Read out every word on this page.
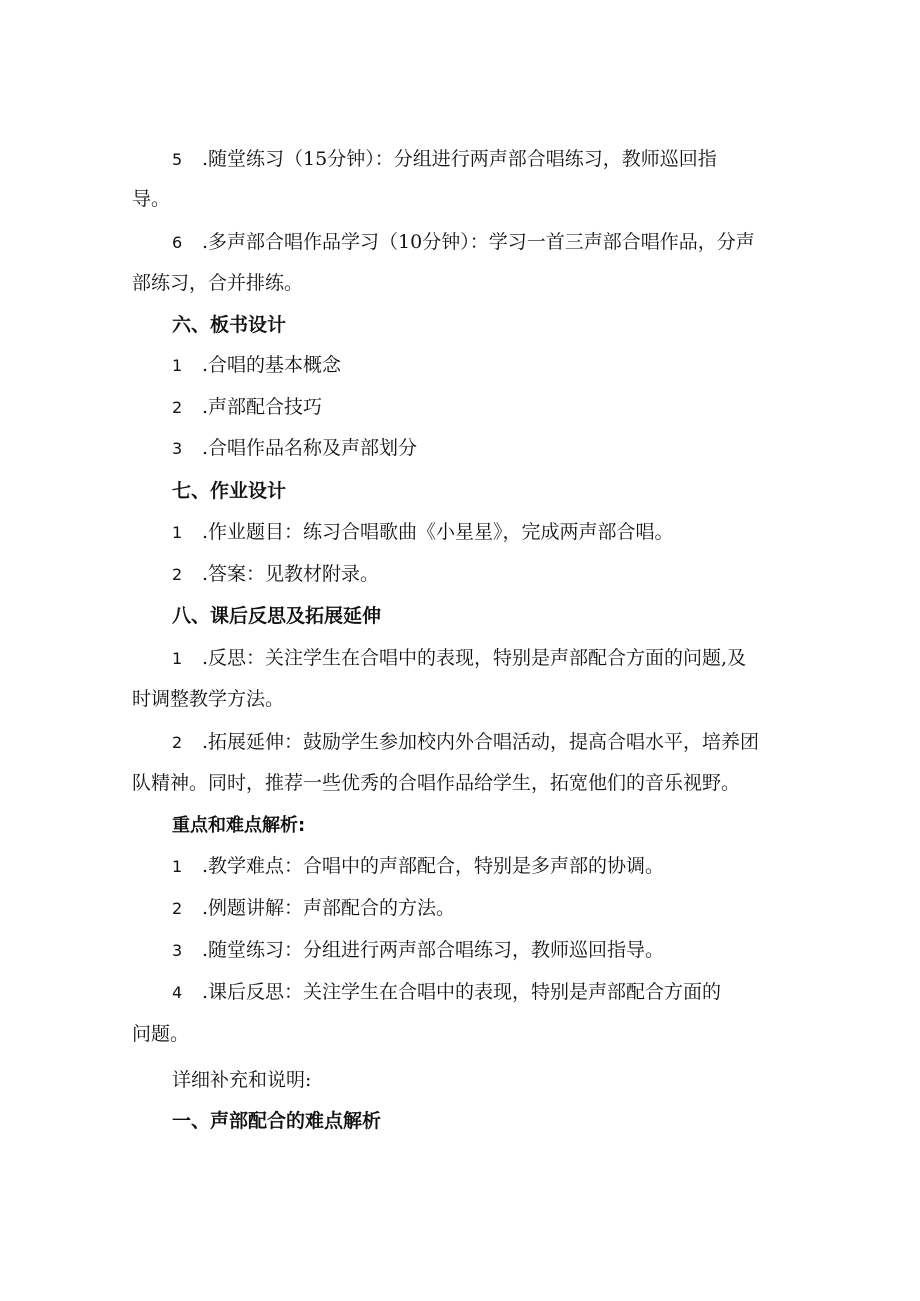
5 .随堂练习（15分钟）：分组进行两声部合唱练习，教师巡回指
导。
6 .多声部合唱作品学习（10分钟）：学习一首三声部合唱作品，分声
部练习，合并排练。
六、板书设计
1 .合唱的基本概念
2 .声部配合技巧
3 .合唱作品名称及声部划分
七、作业设计
1 .作业题目：练习合唱歌曲《小星星》，完成两声部合唱。
2 .答案：见教材附录。
八、课后反思及拓展延伸
1 .反思：关注学生在合唱中的表现，特别是声部配合方面的问题,及
时调整教学方法。
2 .拓展延伸：鼓励学生参加校内外合唱活动，提高合唱水平，培养团
队精神。同时，推荐一些优秀的合唱作品给学生，拓宽他们的音乐视野。
重点和难点解析:
1 .教学难点：合唱中的声部配合，特别是多声部的协调。
2 .例题讲解：声部配合的方法。
3 .随堂练习：分组进行两声部合唱练习，教师巡回指导。
4 .课后反思：关注学生在合唱中的表现，特别是声部配合方面的
问题。
详细补充和说明:
一、声部配合的难点解析
